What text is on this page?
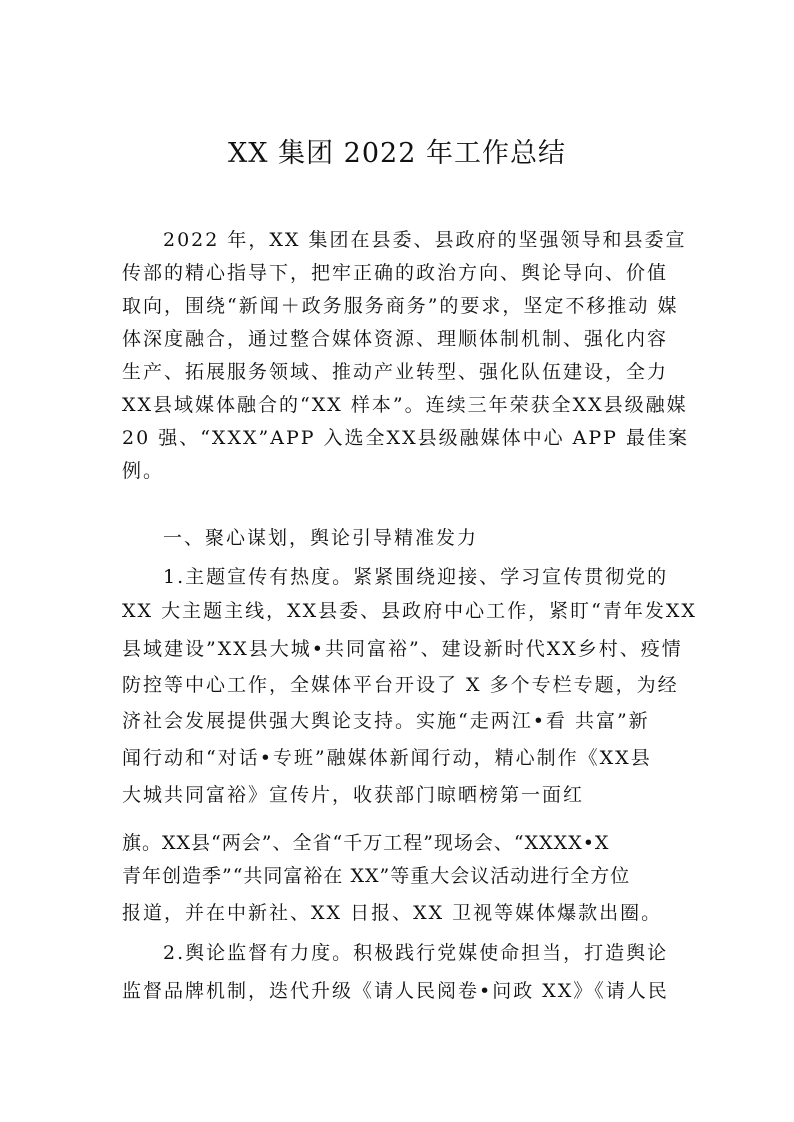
XX 集团 2022 年工作总结
2022 年，XX 集团在县委、县政府的坚强领导和县委宣
传部的精心指导下，把牢正确的政治方向、舆论导向、价值
取向，围绕“新闻＋政务服务商务”的要求，坚定不移推动 媒
体深度融合，通过整合媒体资源、理顺体制机制、强化内容
生产、拓展服务领域、推动产业转型、强化队伍建设，全力
XX县域媒体融合的“XX 样本”。连续三年荣获全XX县级融媒
20 强、“XXX”APP 入选全XX县级融媒体中心 APP 最佳案
例。
一、聚心谋划，舆论引导精准发力
1.主题宣传有热度。紧紧围绕迎接、学习宣传贯彻党的
XX 大主题主线，XX县委、县政府中心工作，紧盯“青年发XX
县域建设”XX县大城•共同富裕”、建设新时代XX乡村、疫情
防控等中心工作，全媒体平台开设了 X 多个专栏专题，为经
济社会发展提供强大舆论支持。实施“走两江•看 共富”新
闻行动和“对话•专班”融媒体新闻行动，精心制作《XX县
大城共同富裕》宣传片，收获部门晾晒榜第一面红
旗。XX县“两会”、全省“千万工程”现场会、“XXXX•X
青年创造季”“共同富裕在 XX”等重大会议活动进行全方位
报道，并在中新社、XX 日报、XX 卫视等媒体爆款出圈。
2.舆论监督有力度。积极践行党媒使命担当，打造舆论
监督品牌机制，迭代升级《请人民阅卷•问政 XX》《请人民
